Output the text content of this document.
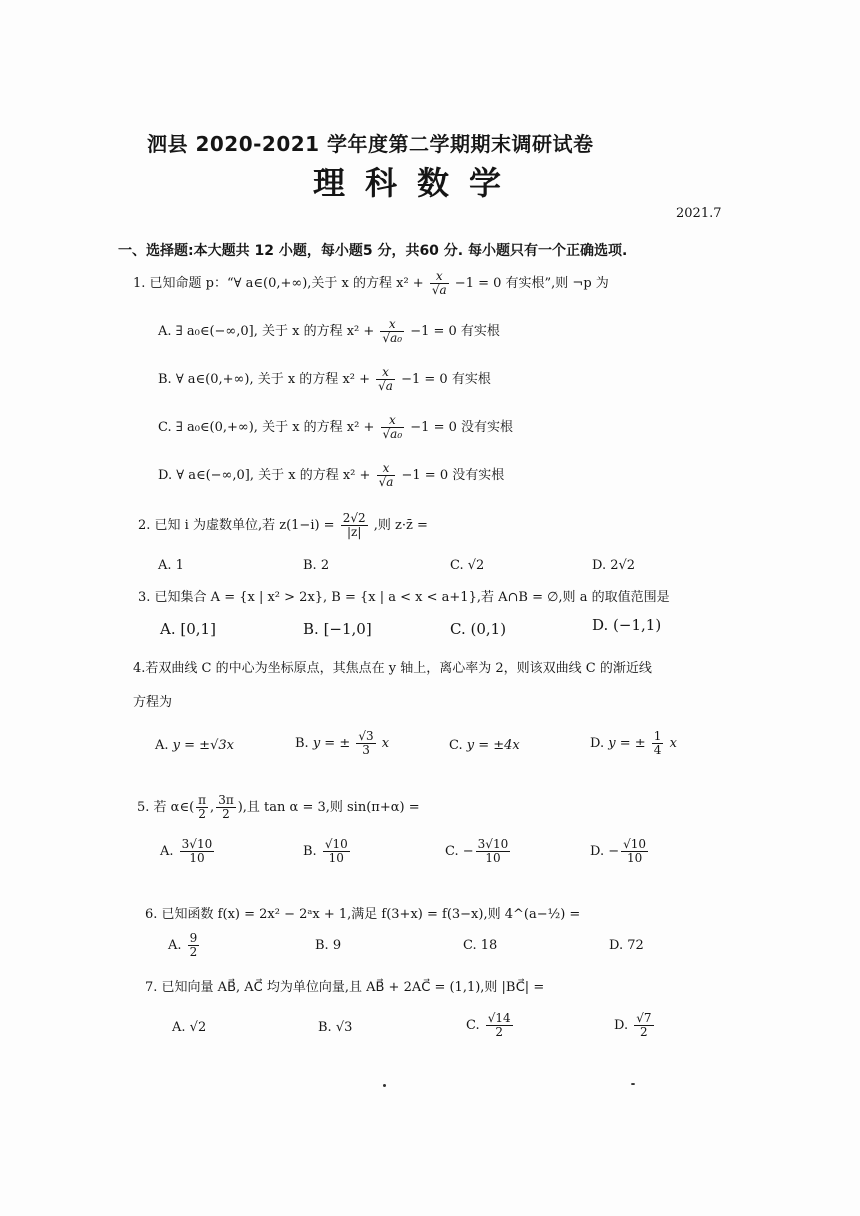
泗县 2020-2021 学年度第二学期期末调研试卷
理科数学
2021.7
一、选择题:本大题共 12 小题，每小题5 分，共60 分. 每小题只有一个正确选项.
1. 已知命题 p：“∀ a∈(0,+∞),关于 x 的方程 $x^2 + \frac{x}{√a} -1 = 0$ 有实根”,则 ¬p 为
A. ∃ a₀∈(−∞,0], 关于 x 的方程 $x^2 + \frac{x}{\text{√a₀}} -1 = 0$ 有实根
B. ∀ a∈(0,+∞), 关于 x 的方程 $x^2 + \frac{x}{√a} -1 = 0$ 有实根
C. ∃ a₀∈(0,+∞), 关于 x 的方程 $x^2 + \frac{x}{\text{√a₀}} -1 = 0$ 没有实根
D. ∀ a∈(−∞,0], 关于 x 的方程 $x^2 + \frac{x}{√a} -1 = 0$ 没有实根
2. 已知 i 为虚数单位,若 $z(1-i) = \frac{2√2}{|z|}$ ,则 z·z̄ =
A. 1	B. 2	C. √2	D. 2√2
3. 已知集合 A = {x | x² > 2x}, B = {x | a < x < a+1},若 A∩B = ∅,则 a 的取值范围是
A. [0,1]	B. [−1,0]	C. (0,1)	D. (−1,1)
4.若双曲线 C 的中心为坐标原点，其焦点在 y 轴上，离心率为 2，则该双曲线 C 的渐近线
方程为
A. y = ±√3x	B. y = ± $\frac{√3}{3}$ x	C. y = ±4x	D. y = ± $\frac{1}{4}$ x
5. 若 α∈( $\frac{\pi}{2}$ , $\frac{3\pi}{2}$ ),且 tan α = 3,则 sin(π+α) =
A. $\frac{3√10}{10}$	B. $\frac{√10}{10}$	C. − $\frac{3√10}{10}$	D. − $\frac{√10}{10}$
6. 已知函数 f(x) = 2x² − 2ᵃx + 1,满足 f(3+x) = f(3−x),则 4^(a−½) =
A. $\frac{9}{2}$	B. 9	C. 18	D. 72
7. 已知向量 AB⃗, AC⃗ 均为单位向量,且 AB⃗ + 2AC⃗ = (1,1),则 |BC⃗| =
A. √2	B. √3	C. $\frac{√14}{2}$	D. $\frac{√7}{2}$
